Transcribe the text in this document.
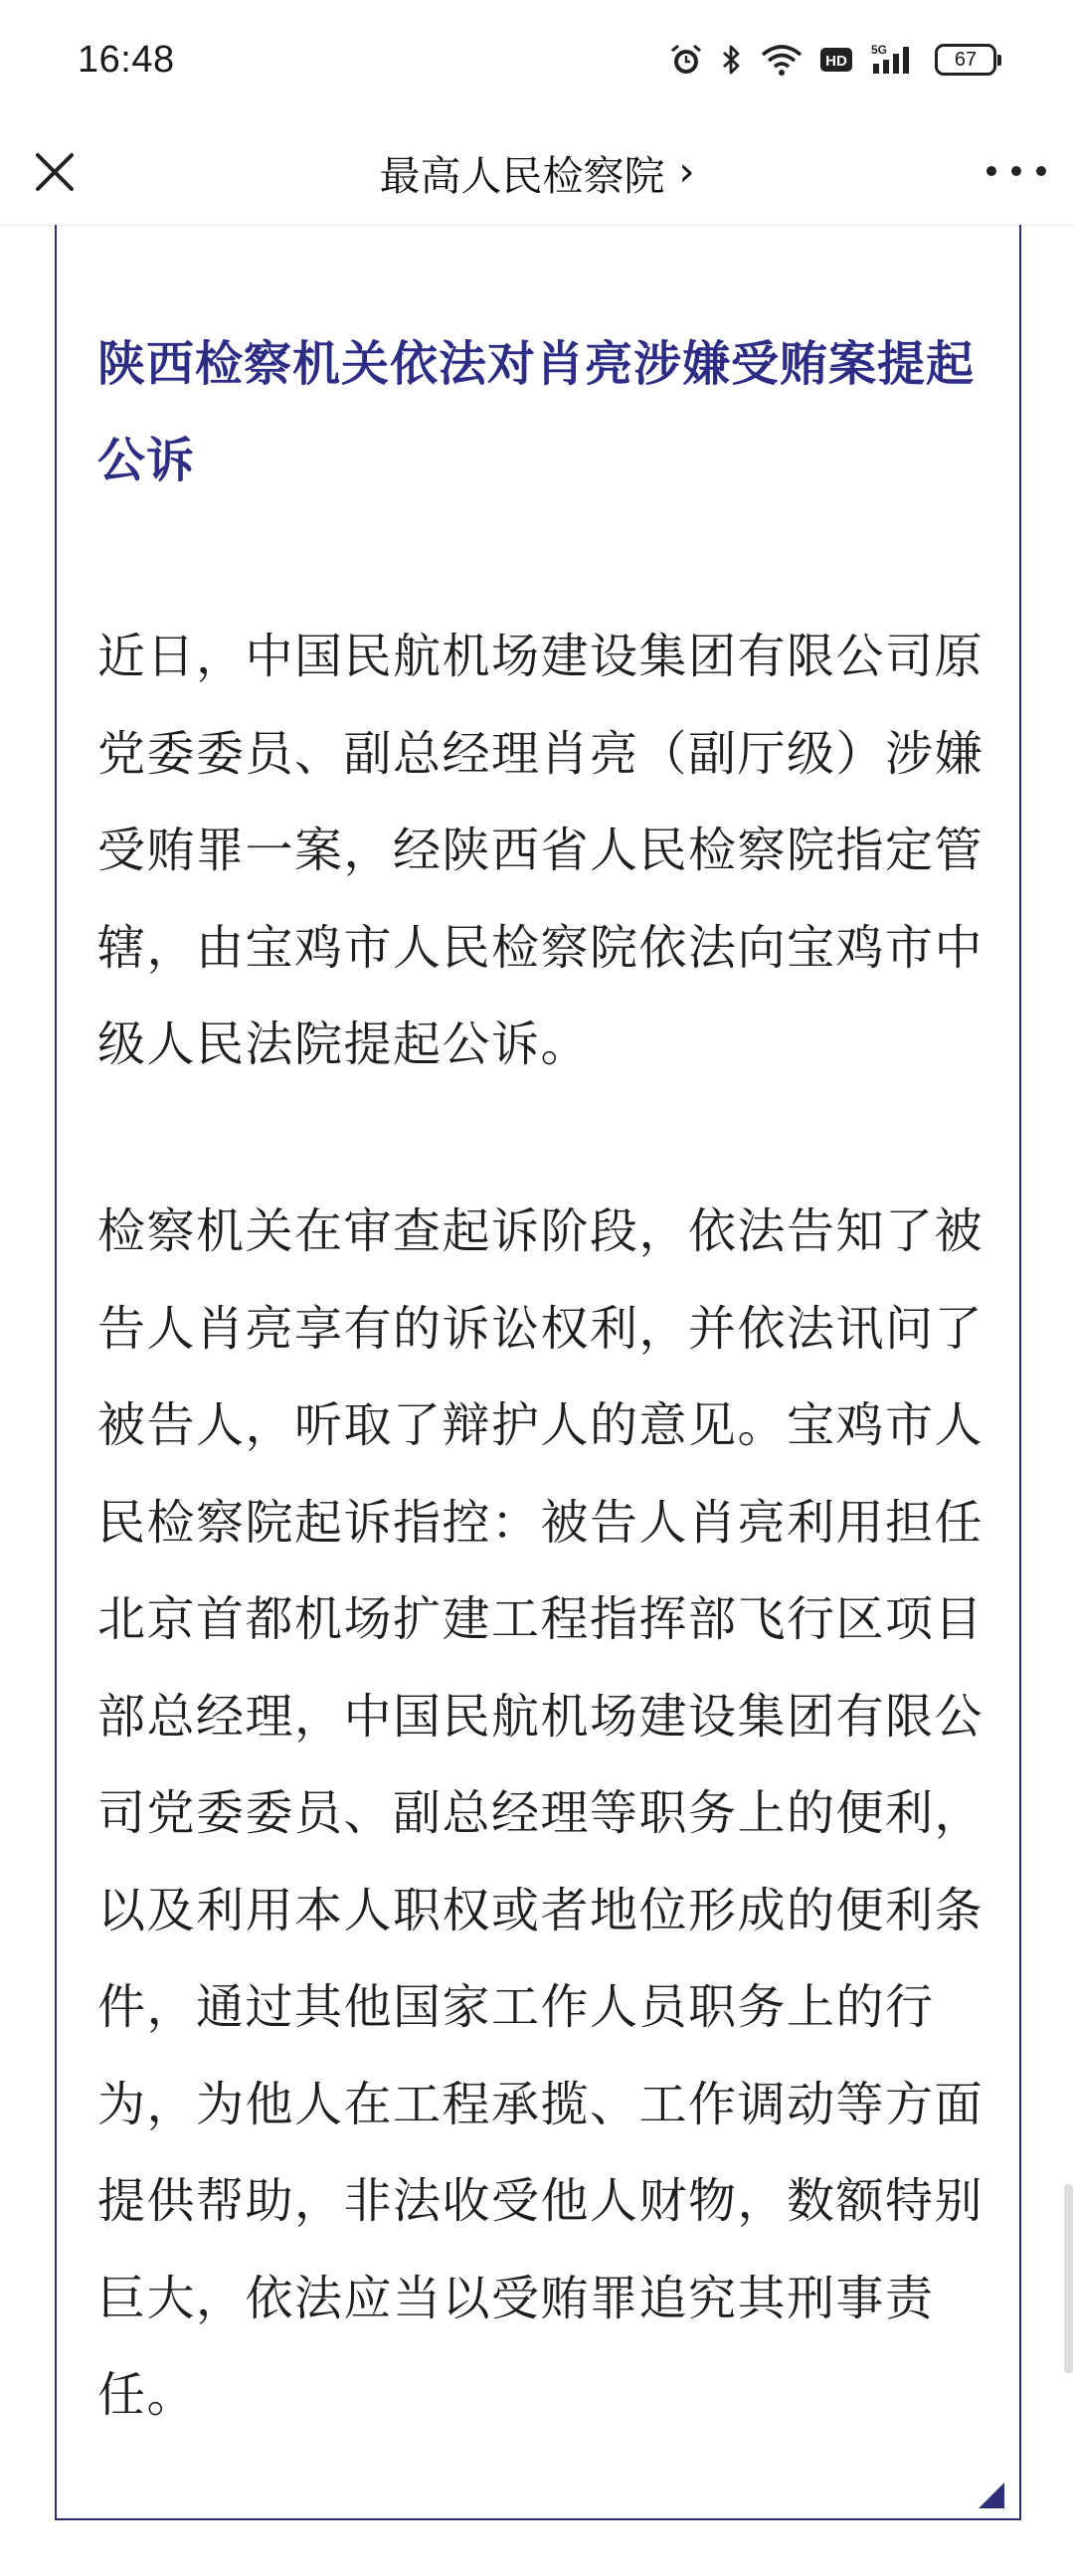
16:48	HD
5G	67
最高人民检察院 ›
陕西检察机关依法对肖亮涉嫌受贿案提起公诉
近日，中国民航机场建设集团有限公司原党委委员、副总经理肖亮（副厅级）涉嫌受贿罪一案，经陕西省人民检察院指定管辖，由宝鸡市人民检察院依法向宝鸡市中级人民法院提起公诉。
检察机关在审查起诉阶段，依法告知了被告人肖亮享有的诉讼权利，并依法讯问了被告人，听取了辩护人的意见。宝鸡市人民检察院起诉指控：被告人肖亮利用担任北京首都机场扩建工程指挥部飞行区项目部总经理，中国民航机场建设集团有限公司党委委员、副总经理等职务上的便利，以及利用本人职权或者地位形成的便利条件，通过其他国家工作人员职务上的行为，为他人在工程承揽、工作调动等方面提供帮助，非法收受他人财物，数额特别巨大，依法应当以受贿罪追究其刑事责任。
